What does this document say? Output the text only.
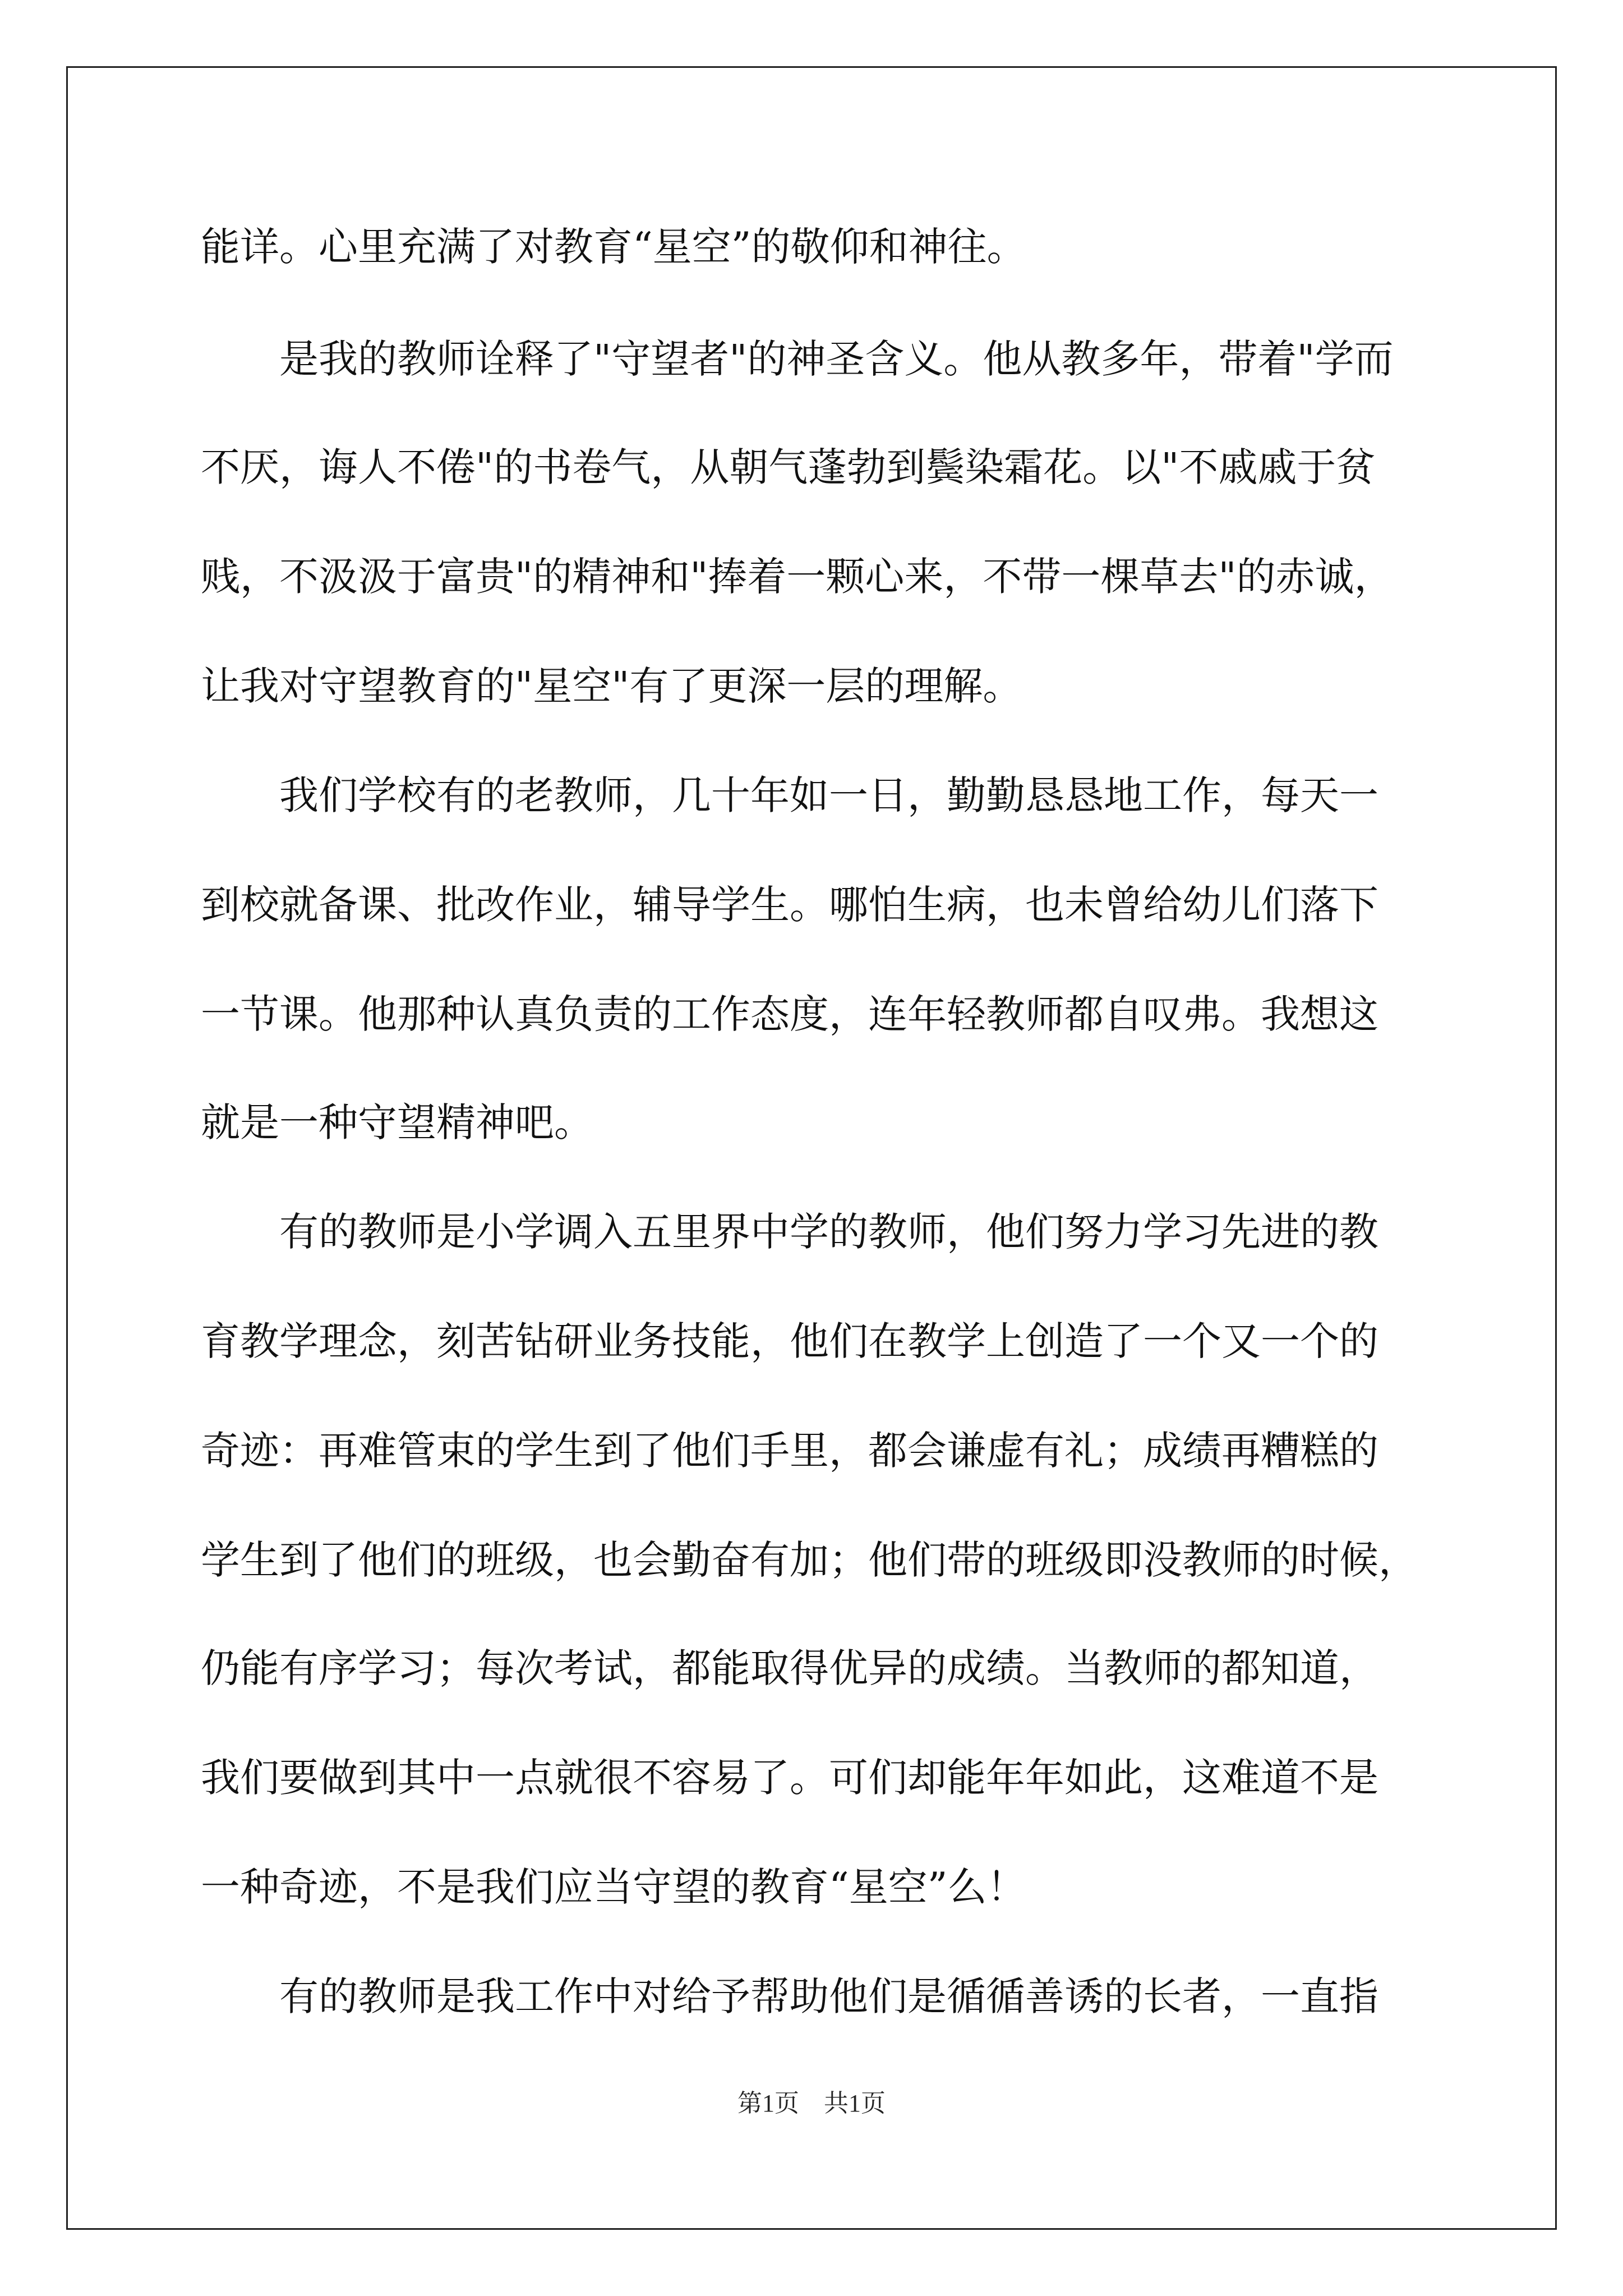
能详。心里充满了对教育“星空”的敬仰和神往。
　　是我的教师诠释了"守望者"的神圣含义。他从教多年，带着"学而
不厌，诲人不倦"的书卷气，从朝气蓬勃到鬓染霜花。以"不戚戚于贫
贱，不汲汲于富贵"的精神和"捧着一颗心来，不带一棵草去"的赤诚，
让我对守望教育的"星空"有了更深一层的理解。
　　我们学校有的老教师，几十年如一日，勤勤恳恳地工作，每天一
到校就备课、批改作业，辅导学生。哪怕生病，也未曾给幼儿们落下
一节课。他那种认真负责的工作态度，连年轻教师都自叹弗。我想这
就是一种守望精神吧。
　　有的教师是小学调入五里界中学的教师，他们努力学习先进的教
育教学理念，刻苦钻研业务技能，他们在教学上创造了一个又一个的
奇迹：再难管束的学生到了他们手里，都会谦虚有礼；成绩再糟糕的
学生到了他们的班级，也会勤奋有加；他们带的班级即没教师的时候，
仍能有序学习；每次考试，都能取得优异的成绩。当教师的都知道，
我们要做到其中一点就很不容易了。可们却能年年如此，这难道不是
一种奇迹，不是我们应当守望的教育“星空”么！
　　有的教师是我工作中对给予帮助他们是循循善诱的长者，一直指
第1页　共1页
